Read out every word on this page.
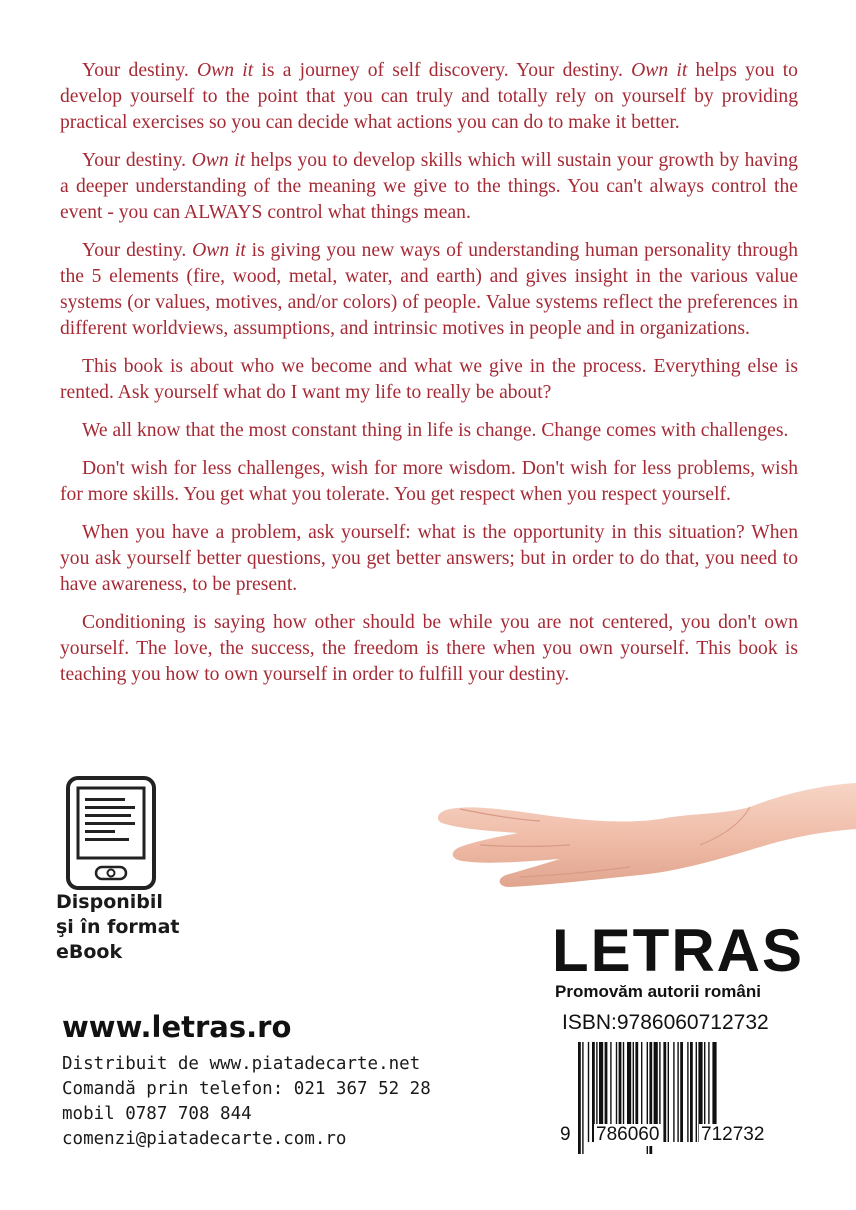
Your destiny. Own it is a journey of self discovery. Your destiny. Own it helps you to develop yourself to the point that you can truly and totally rely on yourself by providing practical exercises so you can decide what actions you can do to make it better.

Your destiny. Own it helps you to develop skills which will sustain your growth by having a deeper understanding of the meaning we give to the things. You can't always control the event - you can ALWAYS control what things mean.

Your destiny. Own it is giving you new ways of understanding human personality through the 5 elements (fire, wood, metal, water, and earth) and gives insight in the various value systems (or values, motives, and/or colors) of people. Value systems reflect the preferences in different worldviews, assumptions, and intrinsic motives in people and in organizations.

This book is about who we become and what we give in the process. Everything else is rented. Ask yourself what do I want my life to really be about?

We all know that the most constant thing in life is change. Change comes with challenges.

Don't wish for less challenges, wish for more wisdom. Don't wish for less problems, wish for more skills. You get what you tolerate. You get respect when you respect yourself.

When you have a problem, ask yourself: what is the opportunity in this situation? When you ask yourself better questions, you get better answers; but in order to do that, you need to have awareness, to be present.

Conditioning is saying how other should be while you are not centered, you don't own yourself. The love, the success, the freedom is there when you own yourself. This book is teaching you how to own yourself in order to fulfill your destiny.

Disponibil
şi în format
eBook	LETRAS
Promovăm autorii români
ISBN:9786060712732
9 786060 712732
www.letras.ro
Distribuit de www.piatadecarte.net
Comandă prin telefon: 021 367 52 28
mobil 0787 708 844
comenzi@piatadecarte.com.ro
